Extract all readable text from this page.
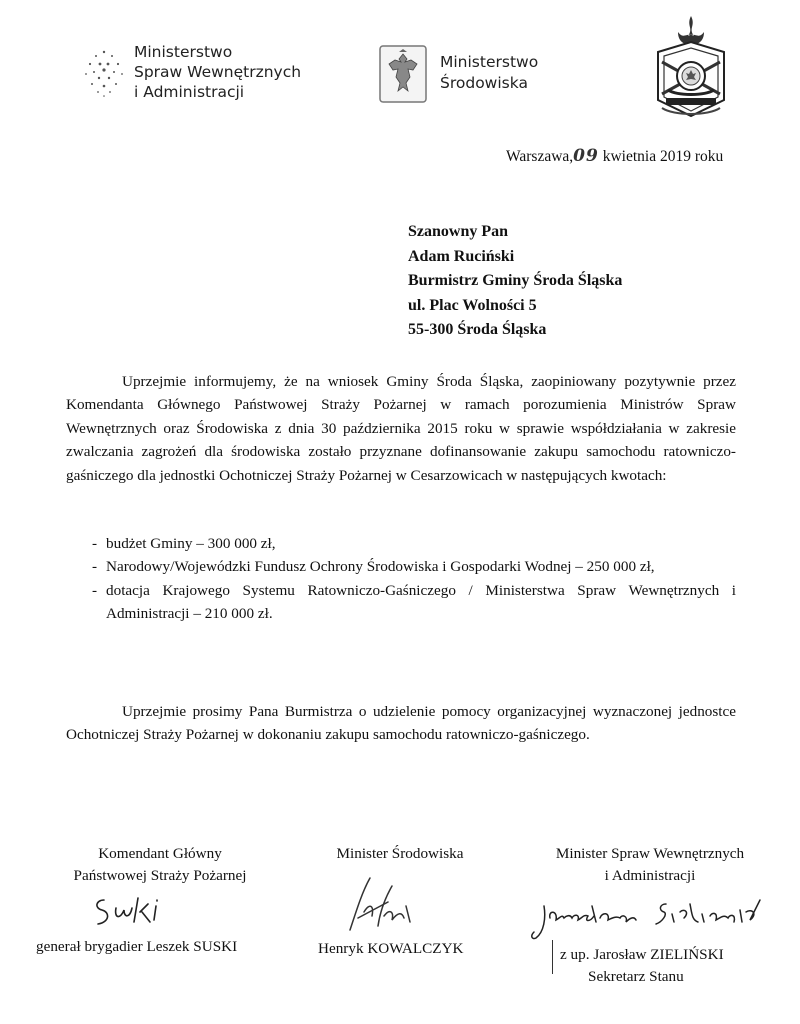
Ministerstwo
Spraw Wewnętrznych
i Administracji
Ministerstwo
Środowiska
Warszawa,09 kwietnia 2019 roku
Szanowny Pan
Adam Ruciński
Burmistrz Gminy Środa Śląska
ul. Plac Wolności 5
55-300 Środa Śląska
Uprzejmie informujemy, że na wniosek Gminy Środa Śląska, zaopiniowany pozytywnie przez Komendanta Głównego Państwowej Straży Pożarnej w ramach porozumienia Ministrów Spraw Wewnętrznych oraz Środowiska z dnia 30 października 2015 roku w sprawie współdziałania w zakresie zwalczania zagrożeń dla środowiska zostało przyznane dofinansowanie zakupu samochodu ratowniczo-gaśniczego dla jednostki Ochotniczej Straży Pożarnej w Cesarzowicach w następujących kwotach:
- budżet Gminy – 300 000 zł,
- Narodowy/Wojewódzki Fundusz Ochrony Środowiska i Gospodarki Wodnej – 250 000 zł,
- dotacja Krajowego Systemu Ratowniczo-Gaśniczego / Ministerstwa Spraw Wewnętrznych i Administracji – 210 000 zł.
Uprzejmie prosimy Pana Burmistrza o udzielenie pomocy organizacyjnej wyznaczonej jednostce Ochotniczej Straży Pożarnej w dokonaniu zakupu samochodu ratowniczo-gaśniczego.
Komendant Główny
Państwowej Straży Pożarnej
Minister Środowiska	Minister Spraw Wewnętrznych
i Administracji
generał brygadier Leszek SUSKI	Henryk KOWALCZYK	z up. Jarosław ZIELIŃSKI
Sekretarz Stanu
